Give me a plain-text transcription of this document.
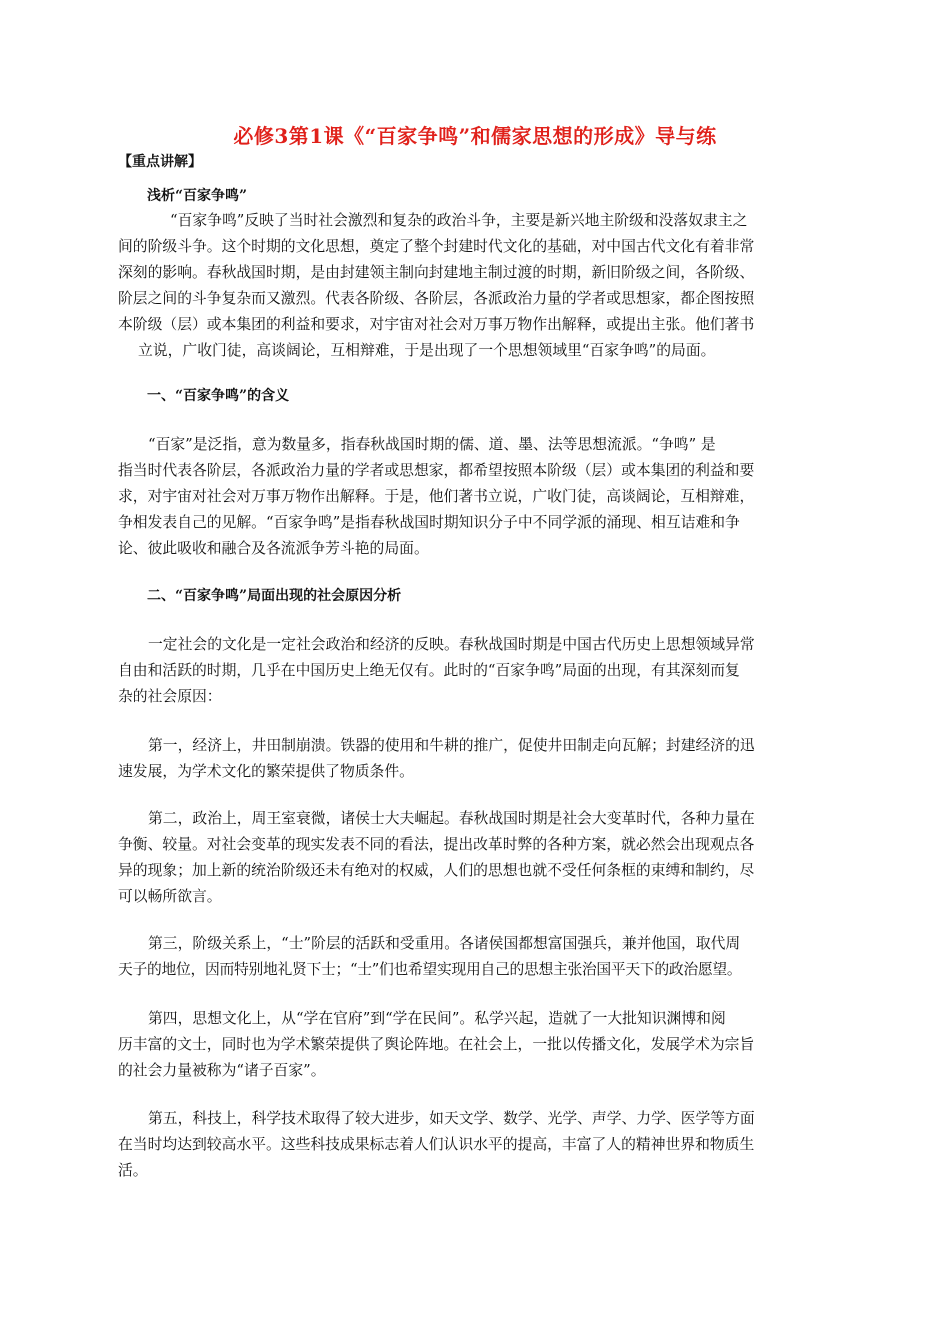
必修3第1课《“百家争鸣”和儒家思想的形成》导与练
【重点讲解】
浅析“百家争鸣”
“百家争鸣”反映了当时社会激烈和复杂的政治斗争，主要是新兴地主阶级和没落奴隶主之
间的阶级斗争。这个时期的文化思想，奠定了整个封建时代文化的基础，对中国古代文化有着非常
深刻的影响。春秋战国时期，是由封建领主制向封建地主制过渡的时期，新旧阶级之间，各阶级、
阶层之间的斗争复杂而又激烈。代表各阶级、各阶层，各派政治力量的学者或思想家，都企图按照
本阶级（层）或本集团的利益和要求，对宇宙对社会对万事万物作出解释，或提出主张。他们著书
立说，广收门徒，高谈阔论，互相辩难，于是出现了一个思想领域里“百家争鸣”的局面。
一、“百家争鸣”的含义
“百家”是泛指，意为数量多，指春秋战国时期的儒、道、墨、法等思想流派。“争鸣” 是
指当时代表各阶层，各派政治力量的学者或思想家，都希望按照本阶级（层）或本集团的利益和要
求，对宇宙对社会对万事万物作出解释。于是，他们著书立说，广收门徒，高谈阔论，互相辩难，
争相发表自己的见解。“百家争鸣”是指春秋战国时期知识分子中不同学派的涌现、相互诘难和争
论、彼此吸收和融合及各流派争芳斗艳的局面。
二、“百家争鸣”局面出现的社会原因分析
一定社会的文化是一定社会政治和经济的反映。春秋战国时期是中国古代历史上思想领域异常
自由和活跃的时期，几乎在中国历史上绝无仅有。此时的“百家争鸣”局面的出现，有其深刻而复
杂的社会原因：
第一，经济上，井田制崩溃。铁器的使用和牛耕的推广，促使井田制走向瓦解；封建经济的迅
速发展，为学术文化的繁荣提供了物质条件。
第二，政治上，周王室衰微，诸侯士大夫崛起。春秋战国时期是社会大变革时代，各种力量在
争衡、较量。对社会变革的现实发表不同的看法，提出改革时弊的各种方案，就必然会出现观点各
异的现象；加上新的统治阶级还未有绝对的权威，人们的思想也就不受任何条框的束缚和制约，尽
可以畅所欲言。
第三，阶级关系上，“士”阶层的活跃和受重用。各诸侯国都想富国强兵，兼并他国，取代周
天子的地位，因而特别地礼贤下士；“士”们也希望实现用自己的思想主张治国平天下的政治愿望。
第四，思想文化上，从“学在官府”到“学在民间”。私学兴起，造就了一大批知识渊博和阅
历丰富的文士，同时也为学术繁荣提供了舆论阵地。在社会上，一批以传播文化，发展学术为宗旨
的社会力量被称为“诸子百家”。
第五，科技上，科学技术取得了较大进步，如天文学、数学、光学、声学、力学、医学等方面
在当时均达到较高水平。这些科技成果标志着人们认识水平的提高，丰富了人的精神世界和物质生
活。
